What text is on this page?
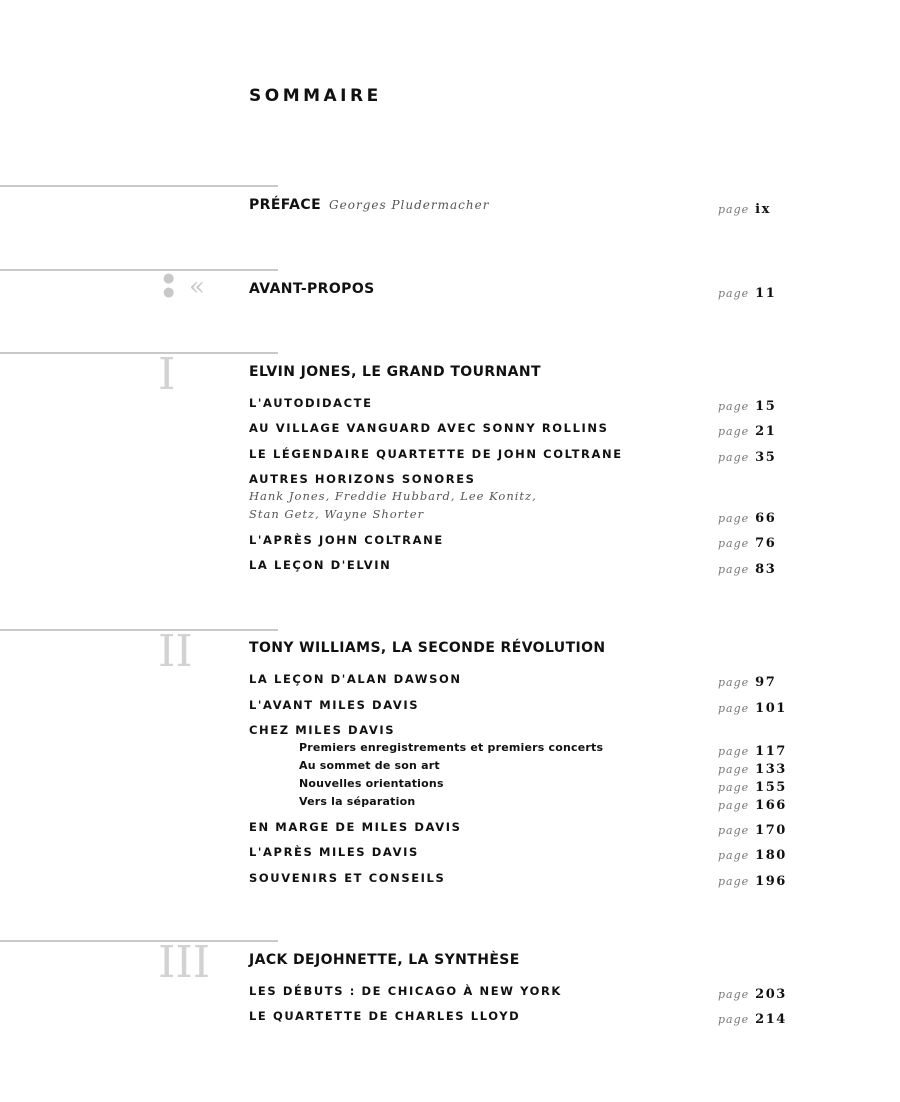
SOMMAIRE
PRÉFACE Georges Pludermacher	page ix
●
● «	AVANT-PROPOS	page 11
I	ELVIN JONES, LE GRAND TOURNANT
L'AUTODIDACTE	page 15
AU VILLAGE VANGUARD AVEC SONNY ROLLINS	page 21
LE LÉGENDAIRE QUARTETTE DE JOHN COLTRANE	page 35
AUTRES HORIZONS SONORES
Hank Jones, Freddie Hubbard, Lee Konitz,
Stan Getz, Wayne Shorter	page 66
L'APRÈS JOHN COLTRANE	page 76
LA LEÇON D'ELVIN	page 83
II	TONY WILLIAMS, LA SECONDE RÉVOLUTION
LA LEÇON D'ALAN DAWSON	page 97
L'AVANT MILES DAVIS	page 101
CHEZ MILES DAVIS
Premiers enregistrements et premiers concerts	page 117
Au sommet de son art	page 133
Nouvelles orientations	page 155
Vers la séparation	page 166
EN MARGE DE MILES DAVIS	page 170
L'APRÈS MILES DAVIS	page 180
SOUVENIRS ET CONSEILS	page 196
III	JACK DEJOHNETTE, LA SYNTHÈSE
LES DÉBUTS : DE CHICAGO À NEW YORK	page 203
LE QUARTETTE DE CHARLES LLOYD	page 214
